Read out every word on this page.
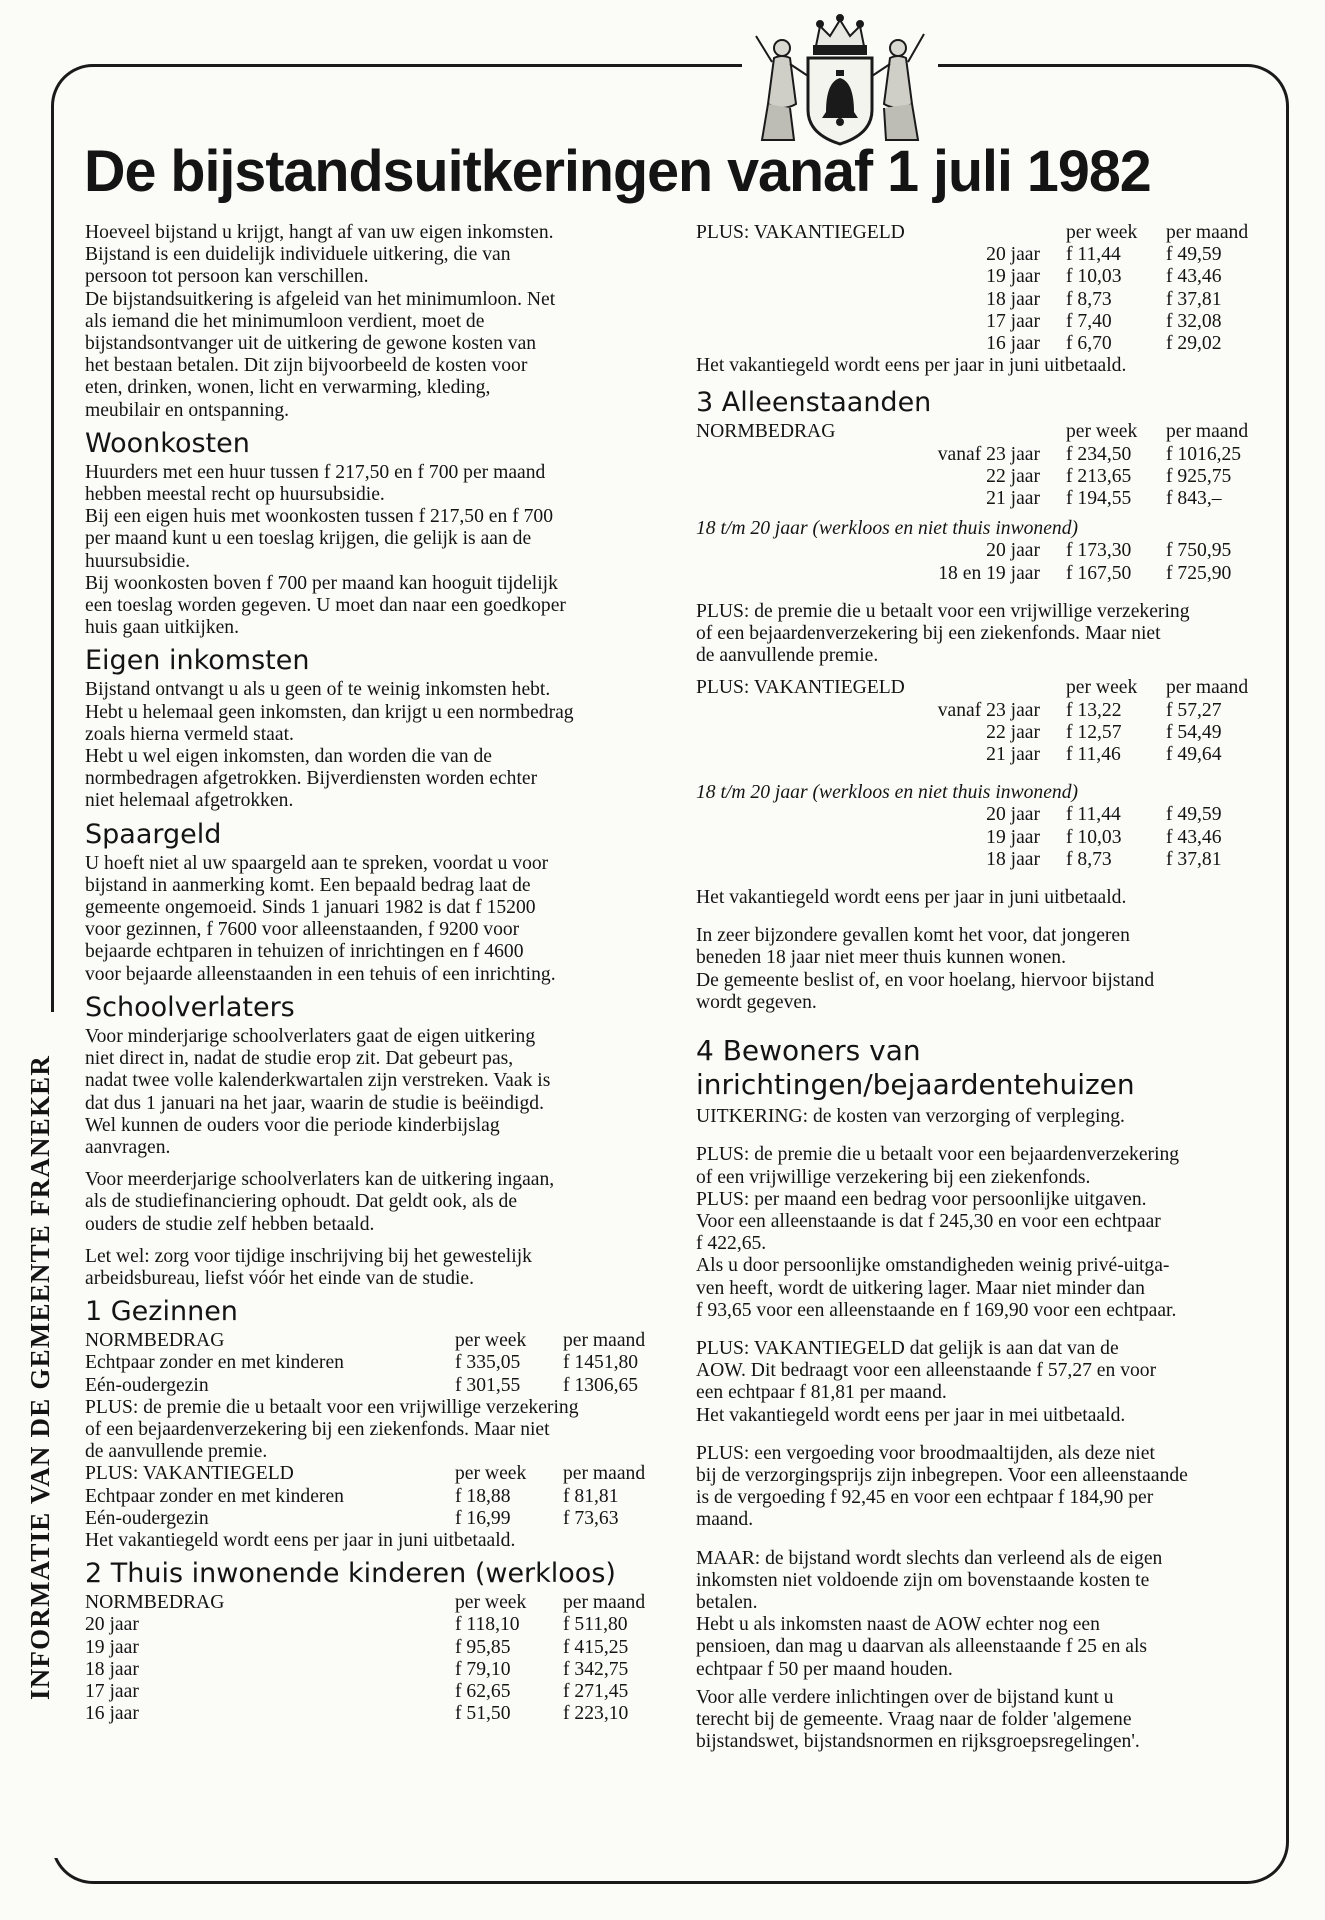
De bijstandsuitkeringen vanaf 1 juli 1982
INFORMATIE VAN DE GEMEENTE FRANEKER
Hoeveel bijstand u krijgt, hangt af van uw eigen inkomsten.
Bijstand is een duidelijk individuele uitkering, die van
persoon tot persoon kan verschillen.
De bijstandsuitkering is afgeleid van het minimumloon. Net
als iemand die het minimumloon verdient, moet de
bijstandsontvanger uit de uitkering de gewone kosten van
het bestaan betalen. Dit zijn bijvoorbeeld de kosten voor
eten, drinken, wonen, licht en verwarming, kleding,
meubilair en ontspanning.
Woonkosten
Huurders met een huur tussen f 217,50 en f 700 per maand
hebben meestal recht op huursubsidie.
Bij een eigen huis met woonkosten tussen f 217,50 en f 700
per maand kunt u een toeslag krijgen, die gelijk is aan de
huursubsidie.
Bij woonkosten boven f 700 per maand kan hooguit tijdelijk
een toeslag worden gegeven. U moet dan naar een goedkoper
huis gaan uitkijken.
Eigen inkomsten
Bijstand ontvangt u als u geen of te weinig inkomsten hebt.
Hebt u helemaal geen inkomsten, dan krijgt u een normbedrag
zoals hierna vermeld staat.
Hebt u wel eigen inkomsten, dan worden die van de
normbedragen afgetrokken. Bijverdiensten worden echter
niet helemaal afgetrokken.
Spaargeld
U hoeft niet al uw spaargeld aan te spreken, voordat u voor
bijstand in aanmerking komt. Een bepaald bedrag laat de
gemeente ongemoeid. Sinds 1 januari 1982 is dat f 15200
voor gezinnen, f 7600 voor alleenstaanden, f 9200 voor
bejaarde echtparen in tehuizen of inrichtingen en f 4600
voor bejaarde alleenstaanden in een tehuis of een inrichting.
Schoolverlaters
Voor minderjarige schoolverlaters gaat de eigen uitkering
niet direct in, nadat de studie erop zit. Dat gebeurt pas,
nadat twee volle kalenderkwartalen zijn verstreken. Vaak is
dat dus 1 januari na het jaar, waarin de studie is beëindigd.
Wel kunnen de ouders voor die periode kinderbijslag
aanvragen.
Voor meerderjarige schoolverlaters kan de uitkering ingaan,
als de studiefinanciering ophoudt. Dat geldt ook, als de
ouders de studie zelf hebben betaald.
Let wel: zorg voor tijdige inschrijving bij het gewestelijk
arbeidsbureau, liefst vóór het einde van de studie.
1 Gezinnen
NORMBEDRAG	per week	per maand
Echtpaar zonder en met kinderen	f 335,05	f 1451,80
Eén-oudergezin	f 301,55	f 1306,65
PLUS: de premie die u betaalt voor een vrijwillige verzekering
of een bejaardenverzekering bij een ziekenfonds. Maar niet
de aanvullende premie.
PLUS: VAKANTIEGELD	per week	per maand
Echtpaar zonder en met kinderen	f 18,88	f 81,81
Eén-oudergezin	f 16,99	f 73,63
Het vakantiegeld wordt eens per jaar in juni uitbetaald.
2 Thuis inwonende kinderen (werkloos)
NORMBEDRAG	per week	per maand
20 jaar	f 118,10	f 511,80
19 jaar	f 95,85	f 415,25
18 jaar	f 79,10	f 342,75
17 jaar	f 62,65	f 271,45
16 jaar	f 51,50	f 223,10
PLUS: VAKANTIEGELD	per week	per maand
20 jaar	f 11,44	f 49,59
19 jaar	f 10,03	f 43,46
18 jaar	f 8,73	f 37,81
17 jaar	f 7,40	f 32,08
16 jaar	f 6,70	f 29,02
Het vakantiegeld wordt eens per jaar in juni uitbetaald.
3 Alleenstaanden
NORMBEDRAG	per week	per maand
vanaf 23 jaar	f 234,50	f 1016,25
22 jaar	f 213,65	f 925,75
21 jaar	f 194,55	f 843,–
18 t/m 20 jaar (werkloos en niet thuis inwonend)
20 jaar	f 173,30	f 750,95
18 en 19 jaar	f 167,50	f 725,90
PLUS: de premie die u betaalt voor een vrijwillige verzekering
of een bejaardenverzekering bij een ziekenfonds. Maar niet
de aanvullende premie.
PLUS: VAKANTIEGELD	per week	per maand
vanaf 23 jaar	f 13,22	f 57,27
22 jaar	f 12,57	f 54,49
21 jaar	f 11,46	f 49,64
18 t/m 20 jaar (werkloos en niet thuis inwonend)
20 jaar	f 11,44	f 49,59
19 jaar	f 10,03	f 43,46
18 jaar	f 8,73	f 37,81
Het vakantiegeld wordt eens per jaar in juni uitbetaald.
In zeer bijzondere gevallen komt het voor, dat jongeren
beneden 18 jaar niet meer thuis kunnen wonen.
De gemeente beslist of, en voor hoelang, hiervoor bijstand
wordt gegeven.
4 Bewoners van
inrichtingen/bejaardentehuizen
UITKERING: de kosten van verzorging of verpleging.
PLUS: de premie die u betaalt voor een bejaardenverzekering
of een vrijwillige verzekering bij een ziekenfonds.
PLUS: per maand een bedrag voor persoonlijke uitgaven.
Voor een alleenstaande is dat f 245,30 en voor een echtpaar
f 422,65.
Als u door persoonlijke omstandigheden weinig privé-uitga-
ven heeft, wordt de uitkering lager. Maar niet minder dan
f 93,65 voor een alleenstaande en f 169,90 voor een echtpaar.
PLUS: VAKANTIEGELD dat gelijk is aan dat van de
AOW. Dit bedraagt voor een alleenstaande f 57,27 en voor
een echtpaar f 81,81 per maand.
Het vakantiegeld wordt eens per jaar in mei uitbetaald.
PLUS: een vergoeding voor broodmaaltijden, als deze niet
bij de verzorgingsprijs zijn inbegrepen. Voor een alleenstaande
is de vergoeding f 92,45 en voor een echtpaar f 184,90 per
maand.
MAAR: de bijstand wordt slechts dan verleend als de eigen
inkomsten niet voldoende zijn om bovenstaande kosten te
betalen.
Hebt u als inkomsten naast de AOW echter nog een
pensioen, dan mag u daarvan als alleenstaande f 25 en als
echtpaar f 50 per maand houden.
Voor alle verdere inlichtingen over de bijstand kunt u
terecht bij de gemeente. Vraag naar de folder 'algemene
bijstandswet, bijstandsnormen en rijksgroepsregelingen'.
